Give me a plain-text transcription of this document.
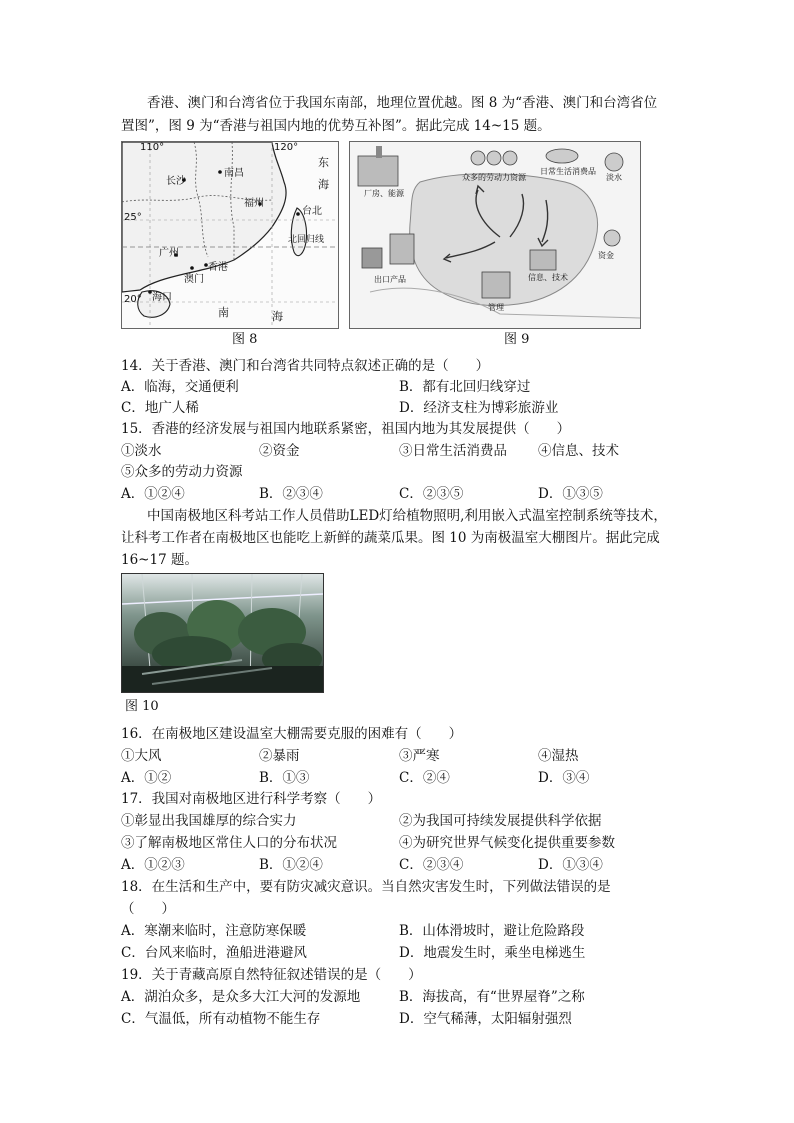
香港、澳门和台湾省位于我国东南部，地理位置优越。图 8 为“香港、澳门和台湾省位
置图”，图 9 为“香港与祖国内地的优势互补图”。据此完成 14~15 题。
110°	120°
25°
20°
长沙
南昌
福州
台北
广州
香港
澳门
海口
北回归线
东
海
南	海
图 8
众多的劳动力资源
日常生活消费品
淡水
厂房、能源
出口产品	信息、技术
资金
管理
图 9
14．关于香港、澳门和台湾省共同特点叙述正确的是（　　）
A．临海，交通便利	B．都有北回归线穿过
C．地广人稀	D．经济支柱为博彩旅游业
15．香港的经济发展与祖国内地联系紧密，祖国内地为其发展提供（　　）
①淡水	②资金	③日常生活消费品 ④信息、技术
⑤众多的劳动力资源
A．①②④	B．②③④	C．②③⑤	D．①③⑤
中国南极地区科考站工作人员借助LED灯给植物照明,利用嵌入式温室控制系统等技术，
让科考工作者在南极地区也能吃上新鲜的蔬菜瓜果。图 10 为南极温室大棚图片。据此完成
16~17 题。
图 10
16．在南极地区建设温室大棚需要克服的困难有（　　）
①大风	②暴雨	③严寒	④湿热
A．①②	B．①③	C．②④	D．③④
17．我国对南极地区进行科学考察（　　）
①彰显出我国雄厚的综合实力	②为我国可持续发展提供科学依据
③了解南极地区常住人口的分布状况	④为研究世界气候变化提供重要参数
A．①②③	B．①②④	C．②③④	D．①③④
18．在生活和生产中，要有防灾减灾意识。当自然灾害发生时，下列做法错误的是
（　　）
A．寒潮来临时，注意防寒保暖	B．山体滑坡时，避让危险路段
C．台风来临时，渔船进港避风	D．地震发生时，乘坐电梯逃生
19．关于青藏高原自然特征叙述错误的是（　　）
A．湖泊众多，是众多大江大河的发源地	B．海拔高，有“世界屋脊”之称
C．气温低，所有动植物不能生存	D．空气稀薄，太阳辐射强烈
